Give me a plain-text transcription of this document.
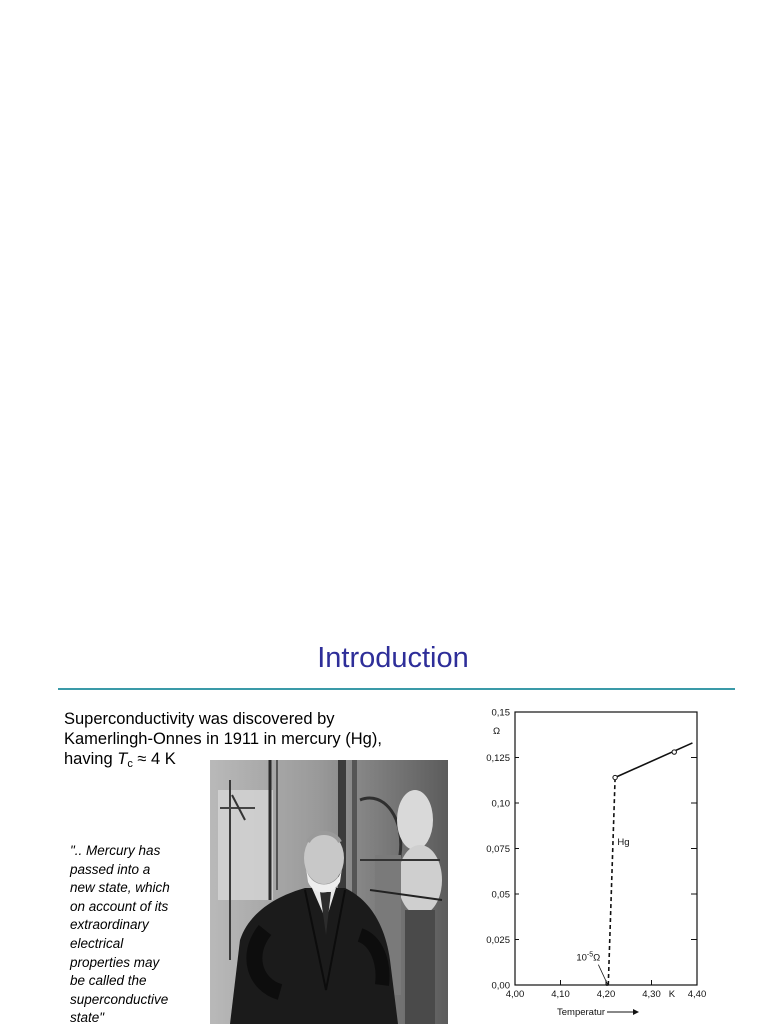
Introduction

Superconductivity was discovered by
Kamerlingh-Onnes in 1911 in mercury (Hg),
having $T_c \approx 4$ K

".. Mercury has
passed into a
new state, which
on account of its
extraordinary
electrical
properties may
be called the
superconductive
state"

0,00
0,025
0,05
0,075
0,10
0,125
0,15
4,00	4,10	4,20	4,30	4,40
Ω
K
Temperatur
Hg
$10^{-5}\Omega$
